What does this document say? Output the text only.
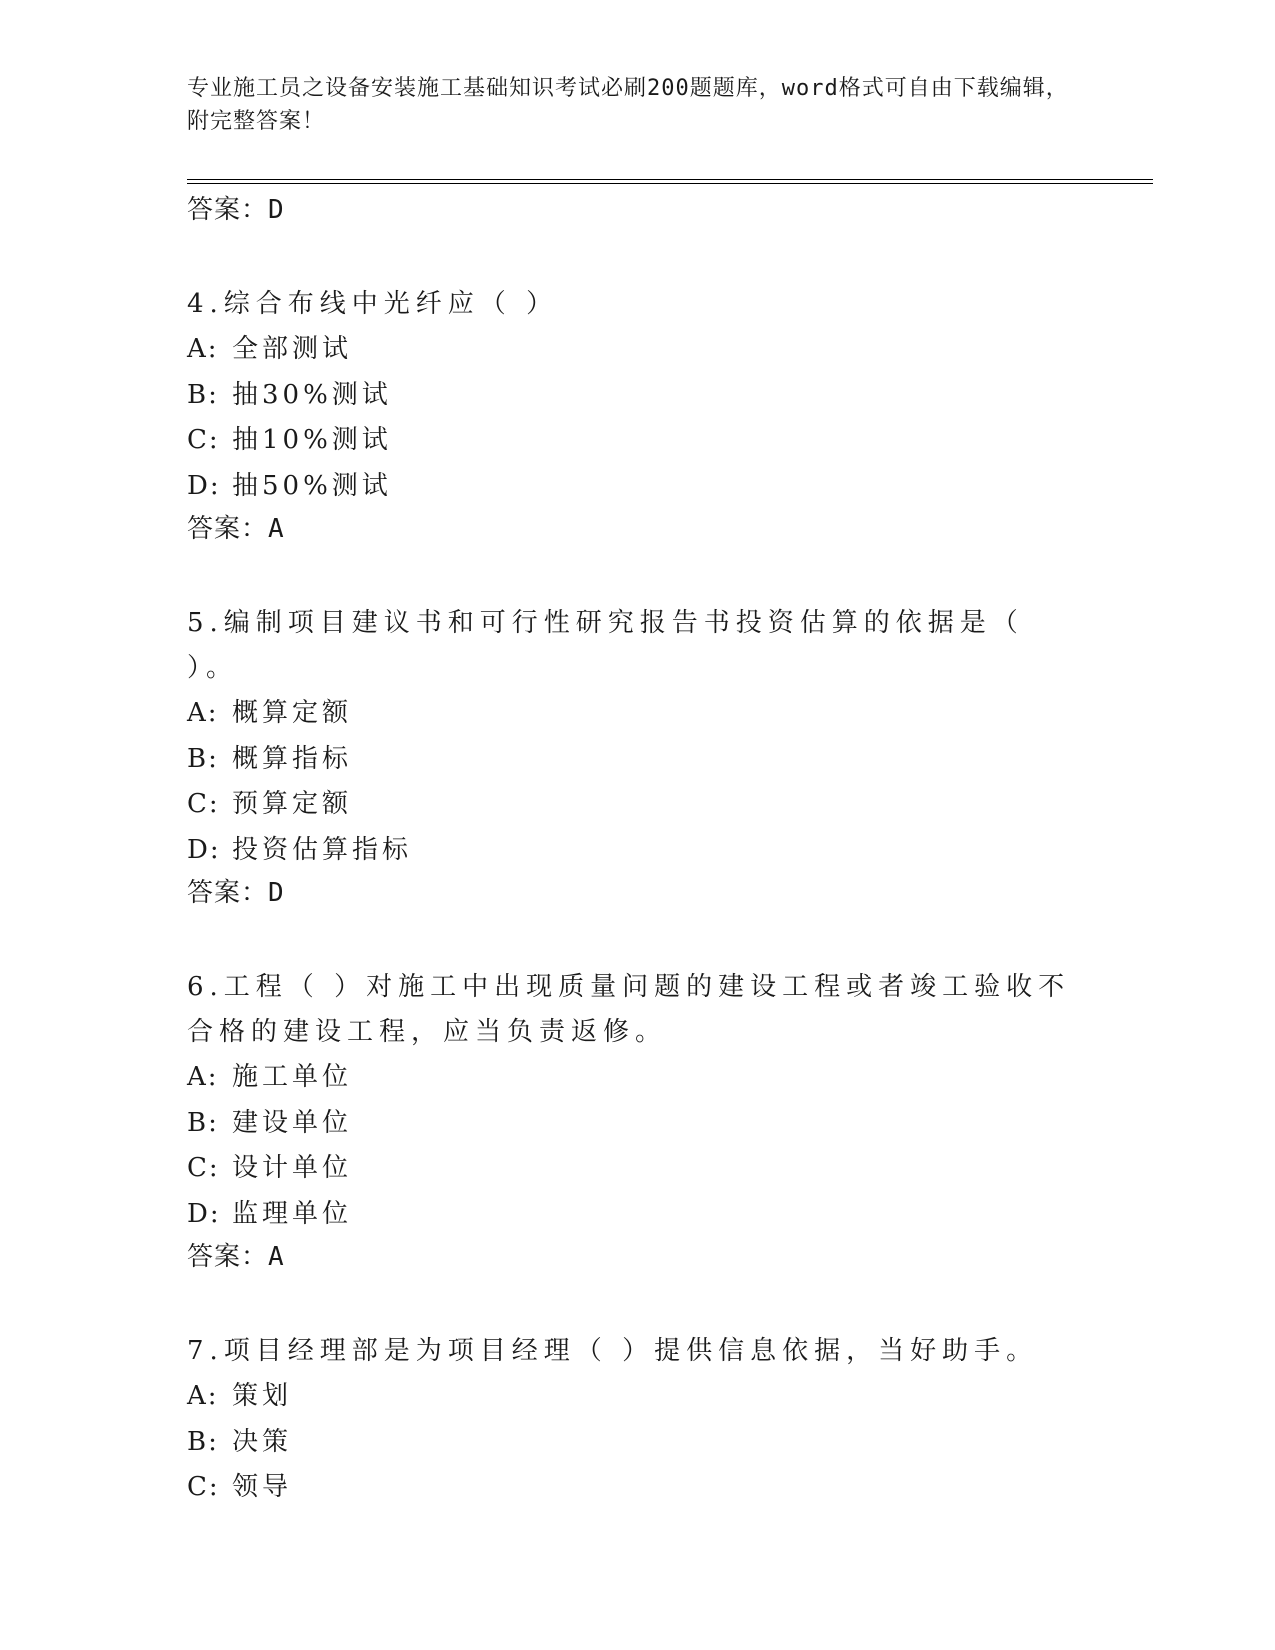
专业施工员之设备安装施工基础知识考试必刷200题题库，word格式可自由下载编辑，附完整答案！
答案：D
4.综合布线中光纤应（ ）
A: 全部测试
B: 抽30%测试
C: 抽10%测试
D: 抽50%测试
答案：A
5.编制项目建议书和可行性研究报告书投资估算的依据是（ ）。
A: 概算定额
B: 概算指标
C: 预算定额
D: 投资估算指标
答案：D
6.工程（ ）对施工中出现质量问题的建设工程或者竣工验收不合格的建设工程，应当负责返修。
A: 施工单位
B: 建设单位
C: 设计单位
D: 监理单位
答案：A
7.项目经理部是为项目经理（ ）提供信息依据，当好助手。
A: 策划
B: 决策
C: 领导
